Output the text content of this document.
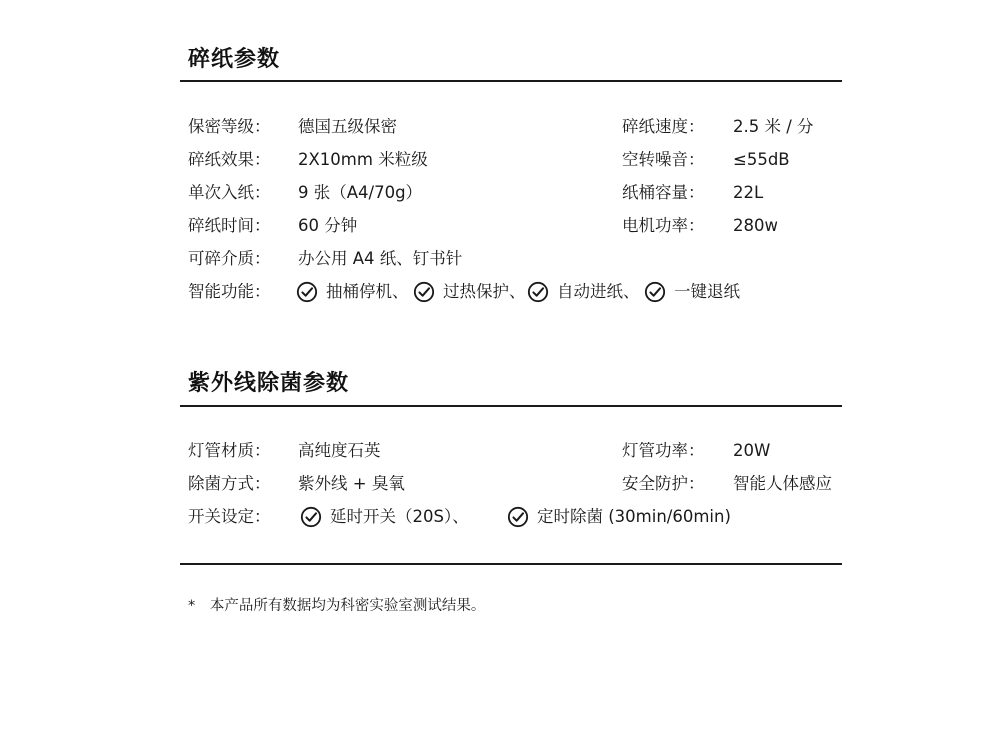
碎纸参数
保密等级： 德国五级保密	碎纸速度： 2.5 米 / 分
碎纸效果： 2X10mm 米粒级	空转噪音： ≤55dB
单次入纸： 9 张（A4/70g）	纸桶容量： 22L
碎纸时间： 60 分钟	电机功率： 280w
可碎介质： 办公用 A4 纸、钉书针
智能功能：	抽桶停机、 过热保护、 自动进纸、 一键退纸
紫外线除菌参数
灯管材质： 高纯度石英	灯管功率： 20W
除菌方式： 紫外线 + 臭氧	安全防护： 智能人体感应
开关设定：	延时开关（20S）、	定时除菌 (30min/60min)
* 本产品所有数据均为科密实验室测试结果。
